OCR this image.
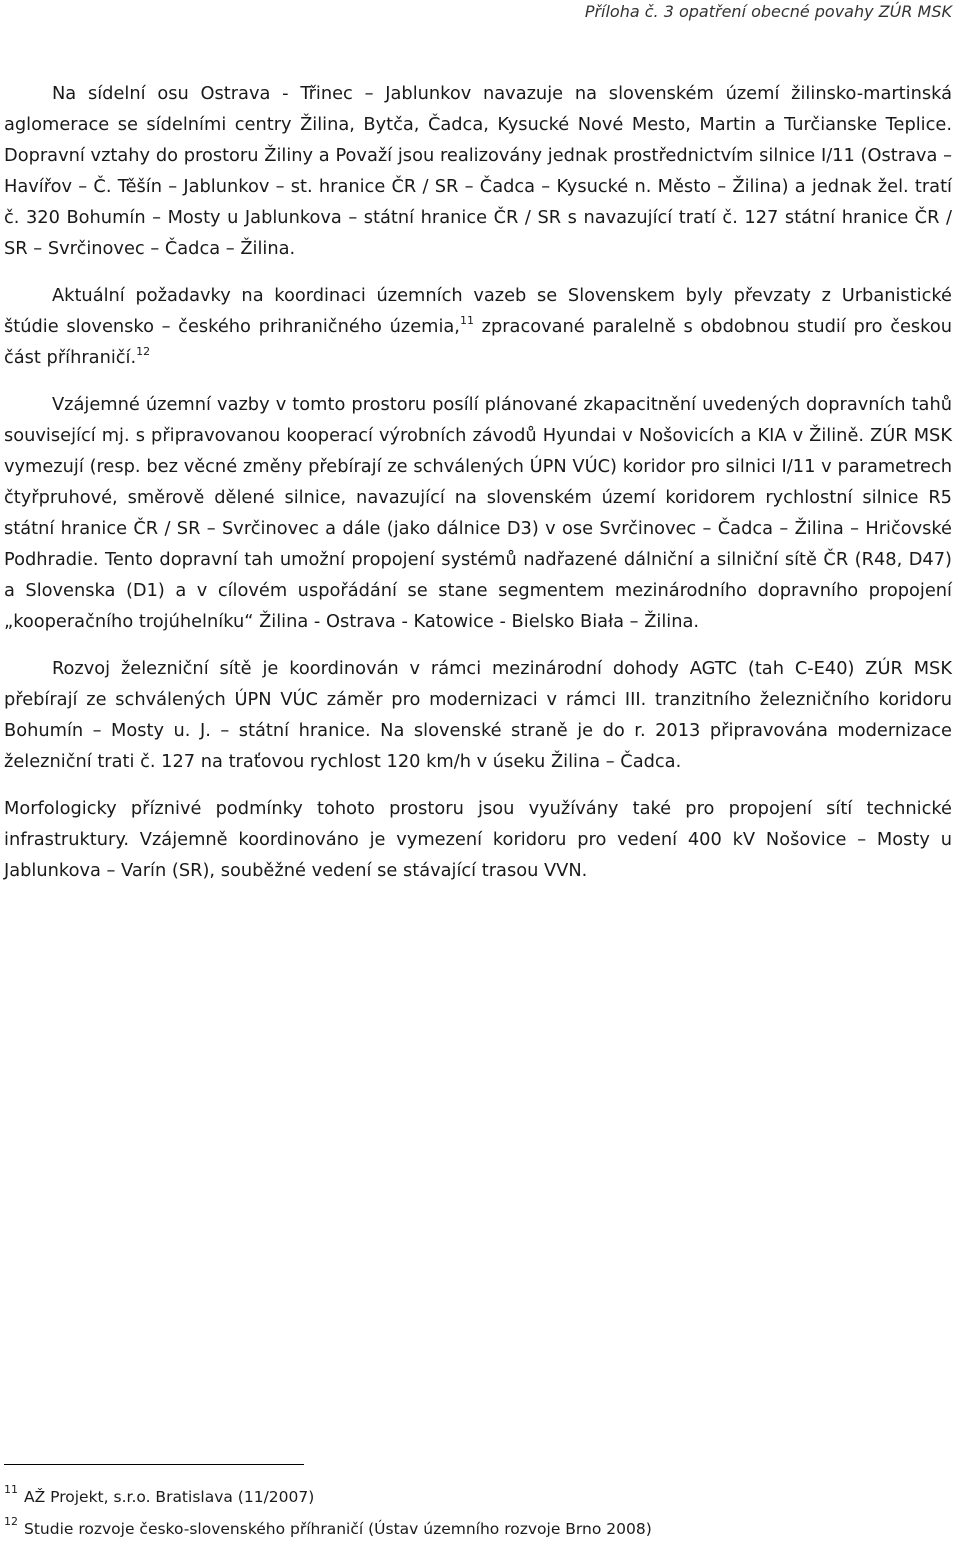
Příloha č. 3 opatření obecné povahy ZÚR MSK

Na sídelní osu Ostrava - Třinec – Jablunkov navazuje na slovenském území žilinsko-martinská aglomerace se sídelními centry Žilina, Bytča, Čadca, Kysucké Nové Mesto, Martin a Turčianske Teplice. Dopravní vztahy do prostoru Žiliny a Považí jsou realizovány jednak prostřednictvím silnice I/11 (Ostrava – Havířov – Č. Těšín – Jablunkov – st. hranice ČR / SR – Čadca – Kysucké n. Město – Žilina) a jednak žel. tratí č. 320 Bohumín – Mosty u Jablunkova – státní hranice ČR / SR s navazující tratí č. 127 státní hranice ČR / SR – Svrčinovec – Čadca – Žilina.

Aktuální požadavky na koordinaci územních vazeb se Slovenskem byly převzaty z Urbanistické štúdie slovensko – českého prihraničného územia,$^{11}$ zpracované paralelně s obdobnou studií pro českou část příhraničí.$^{12}$

Vzájemné územní vazby v tomto prostoru posílí plánované zkapacitnění uvedených dopravních tahů související mj. s připravovanou kooperací výrobních závodů Hyundai v Nošovicích a KIA v Žilině. ZÚR MSK vymezují (resp. bez věcné změny přebírají ze schválených ÚPN VÚC) koridor pro silnici I/11 v parametrech čtyřpruhové, směrově dělené silnice, navazující na slovenském území koridorem rychlostní silnice R5 státní hranice ČR / SR – Svrčinovec a dále (jako dálnice D3) v ose Svrčinovec – Čadca – Žilina – Hričovské Podhradie. Tento dopravní tah umožní propojení systémů nadřazené dálniční a silniční sítě ČR (R48, D47) a Slovenska (D1) a v cílovém uspořádání se stane segmentem mezinárodního dopravního propojení „kooperačního trojúhelníku“ Žilina - Ostrava - Katowice - Bielsko Biała – Žilina.

Rozvoj železniční sítě je koordinován v rámci mezinárodní dohody AGTC (tah C-E40) ZÚR MSK přebírají ze schválených ÚPN VÚC záměr pro modernizaci v rámci III. tranzitního železničního koridoru Bohumín – Mosty u. J. – státní hranice. Na slovenské straně je do r. 2013 připravována modernizace železniční trati č. 127 na traťovou rychlost 120 km/h v úseku Žilina – Čadca.

Morfologicky příznivé podmínky tohoto prostoru jsou využívány také pro propojení sítí technické infrastruktury. Vzájemně koordinováno je vymezení koridoru pro vedení 400 kV Nošovice – Mosty u Jablunkova – Varín (SR), souběžné vedení se stávající trasou VVN.

$^{11}$ AŽ Projekt, s.r.o. Bratislava (11/2007)
$^{12}$ Studie rozvoje česko-slovenského příhraničí (Ústav územního rozvoje Brno 2008)
